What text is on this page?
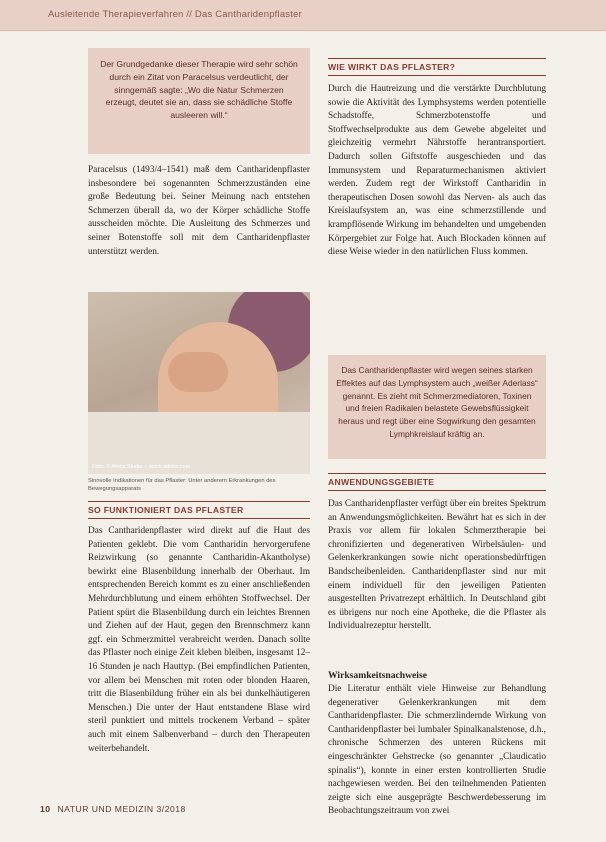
Ausleitende Therapieverfahren // Das Cantharidenpflaster
Der Grundgedanke dieser Therapie wird sehr schön durch ein Zitat von Paracelsus verdeutlicht, der sinngemäß sagte: „Wo die Natur Schmerzen erzeugt, deutet sie an, dass sie schädliche Stoffe ausleeren will.“

Paracelsus (1493/4–1541) maß dem Cantharidenpflaster insbesondere bei sogenannten Schmerzzuständen eine große Bedeutung bei. Seiner Meinung nach entstehen Schmerzen überall da, wo der Körper schädliche Stoffe ausscheiden möchte. Die Ausleitung des Schmerzes und seiner Botenstoffe soll mit dem Cantharidenpflaster unterstützt werden.

Foto: © Africa Studio – stock.adobe.com
Sinnvolle Indikationen für das Pflaster: Unter anderem Erkrankungen des Bewegungsapparats
SO FUNKTIONIERT DAS PFLASTER

Das Cantharidenpflaster wird direkt auf die Haut des Patienten geklebt. Die vom Cantharidin hervorgerufene Reizwirkung (so genannte Cantharidin-Akantholyse) bewirkt eine Blasenbildung innerhalb der Oberhaut. Im entsprechenden Bereich kommt es zu einer anschließenden Mehrdurchblutung und einem erhöhten Stoffwechsel. Der Patient spürt die Blasenbildung durch ein leichtes Brennen und Ziehen auf der Haut, gegen den Brennschmerz kann ggf. ein Schmerzmittel verabreicht werden. Danach sollte das Pflaster noch einige Zeit kleben bleiben, insgesamt 12–16 Stunden je nach Hauttyp. (Bei empfindlichen Patienten, vor allem bei Menschen mit roten oder blonden Haaren, tritt die Blasenbildung früher ein als bei dunkelhäutigeren Menschen.) Die unter der Haut entstandene Blase wird steril punktiert und mittels trockenem Verband – später auch mit einem Salbenverband – durch den Therapeuten weiterbehandelt.

WIE WIRKT DAS PFLASTER?

Durch die Hautreizung und die verstärkte Durchblutung sowie die Aktivität des Lymphsystems werden potentielle Schadstoffe, Schmerzbotenstoffe und Stoffwechselprodukte aus dem Gewebe abgeleitet und gleichzeitig vermehrt Nährstoffe herantransportiert. Dadurch sollen Giftstoffe ausgeschieden und das Immunsystem und Reparaturmechanismen aktiviert werden. Zudem regt der Wirkstoff Cantharidin in therapeutischen Dosen sowohl das Nerven- als auch das Kreislaufsystem an, was eine schmerzstillende und krampflösende Wirkung im behandelten und umgebenden Körpergebiet zur Folge hat. Auch Blockaden können auf diese Weise wieder in den natürlichen Fluss kommen.

Das Cantharidenpflaster wird wegen seines starken Effektes auf das Lymphsystem auch „weißer Aderlass“ genannt. Es zieht mit Schmerzmediatoren, Toxinen und freien Radikalen belastete Gewebsflüssigkeit heraus und regt über eine Sogwirkung den gesamten Lymphkreislauf kräftig an.
ANWENDUNGSGEBIETE

Das Cantharidenpflaster verfügt über ein breites Spektrum an Anwendungsmöglichkeiten. Bewährt hat es sich in der Praxis vor allem für lokalen Schmerztherapie bei chronifizierten und degenerativen Wirbelsäulen- und Gelenkerkrankungen sowie nicht operationsbedürftigen Bandscheibenleiden. Cantharidenpflaster sind nur mit einem individuell für den jeweiligen Patienten ausgestellten Privatrezept erhältlich. In Deutschland gibt es übrigens nur noch eine Apotheke, die die Pflaster als Individualrezeptur herstellt.

Wirksamkeitsnachweise

Die Literatur enthält viele Hinweise zur Behandlung degenerativer Gelenkerkrankungen mit dem Cantharidenpflaster. Die schmerzlindernde Wirkung von Cantharidenpflaster bei lumbaler Spinalkanalstenose, d.h., chronische Schmerzen des unteren Rückens mit eingeschränkter Gehstrecke (so genannter „Claudicatio spinalis“), konnte in einer ersten kontrollierten Studie nachgewiesen werden. Bei den teilnehmenden Patienten zeigte sich eine ausgeprägte Beschwerdebesserung im Beobachtungszeitraum von zwei

10 NATUR UND MEDIZIN 3/2018
